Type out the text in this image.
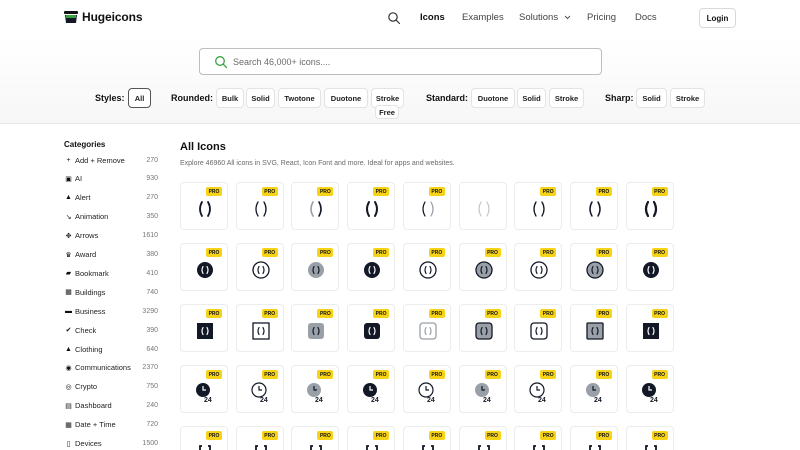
Hugeicons	Icons Examples Solutions	Pricing Docs	Login
Search 46,000+ icons....
Styles:	All	Rounded:	Bulk	Solid	Twotone	Duotone	Stroke
Free
Standard:	Duotone	Solid	Stroke	Sharp:	Solid	Stroke
Categories
+ Add + Remove	270
▣ AI	930
▲ Alert	270
↘ Animation	350
✥ Arrows	1610
♛ Award	380
▰ Bookmark	410
▦ Buildings	740
▬ Business	3290
✔ Check	390
▲ Clothing	640
◉ Communications	2370
◎ Crypto	750
▤ Dashboard	240
▦ Date + Time	720
▯ Devices	1500
All Icons
Explore 46960 All icons in SVG, React, Icon Font and more. Ideal for apps and websites.
PRO	PRO	PRO	PRO	PRO	PRO	PRO	PRO
PRO	PRO	PRO	PRO	PRO	PRO	PRO	PRO	PRO
PRO	PRO	PRO	PRO	PRO	PRO	PRO	PRO	PRO
PRO
24
PRO
24
PRO
24
PRO
24
PRO
24
PRO
24
PRO
24
PRO
24
PRO
24
PRO	PRO	PRO	PRO	PRO	PRO	PRO	PRO	PRO
